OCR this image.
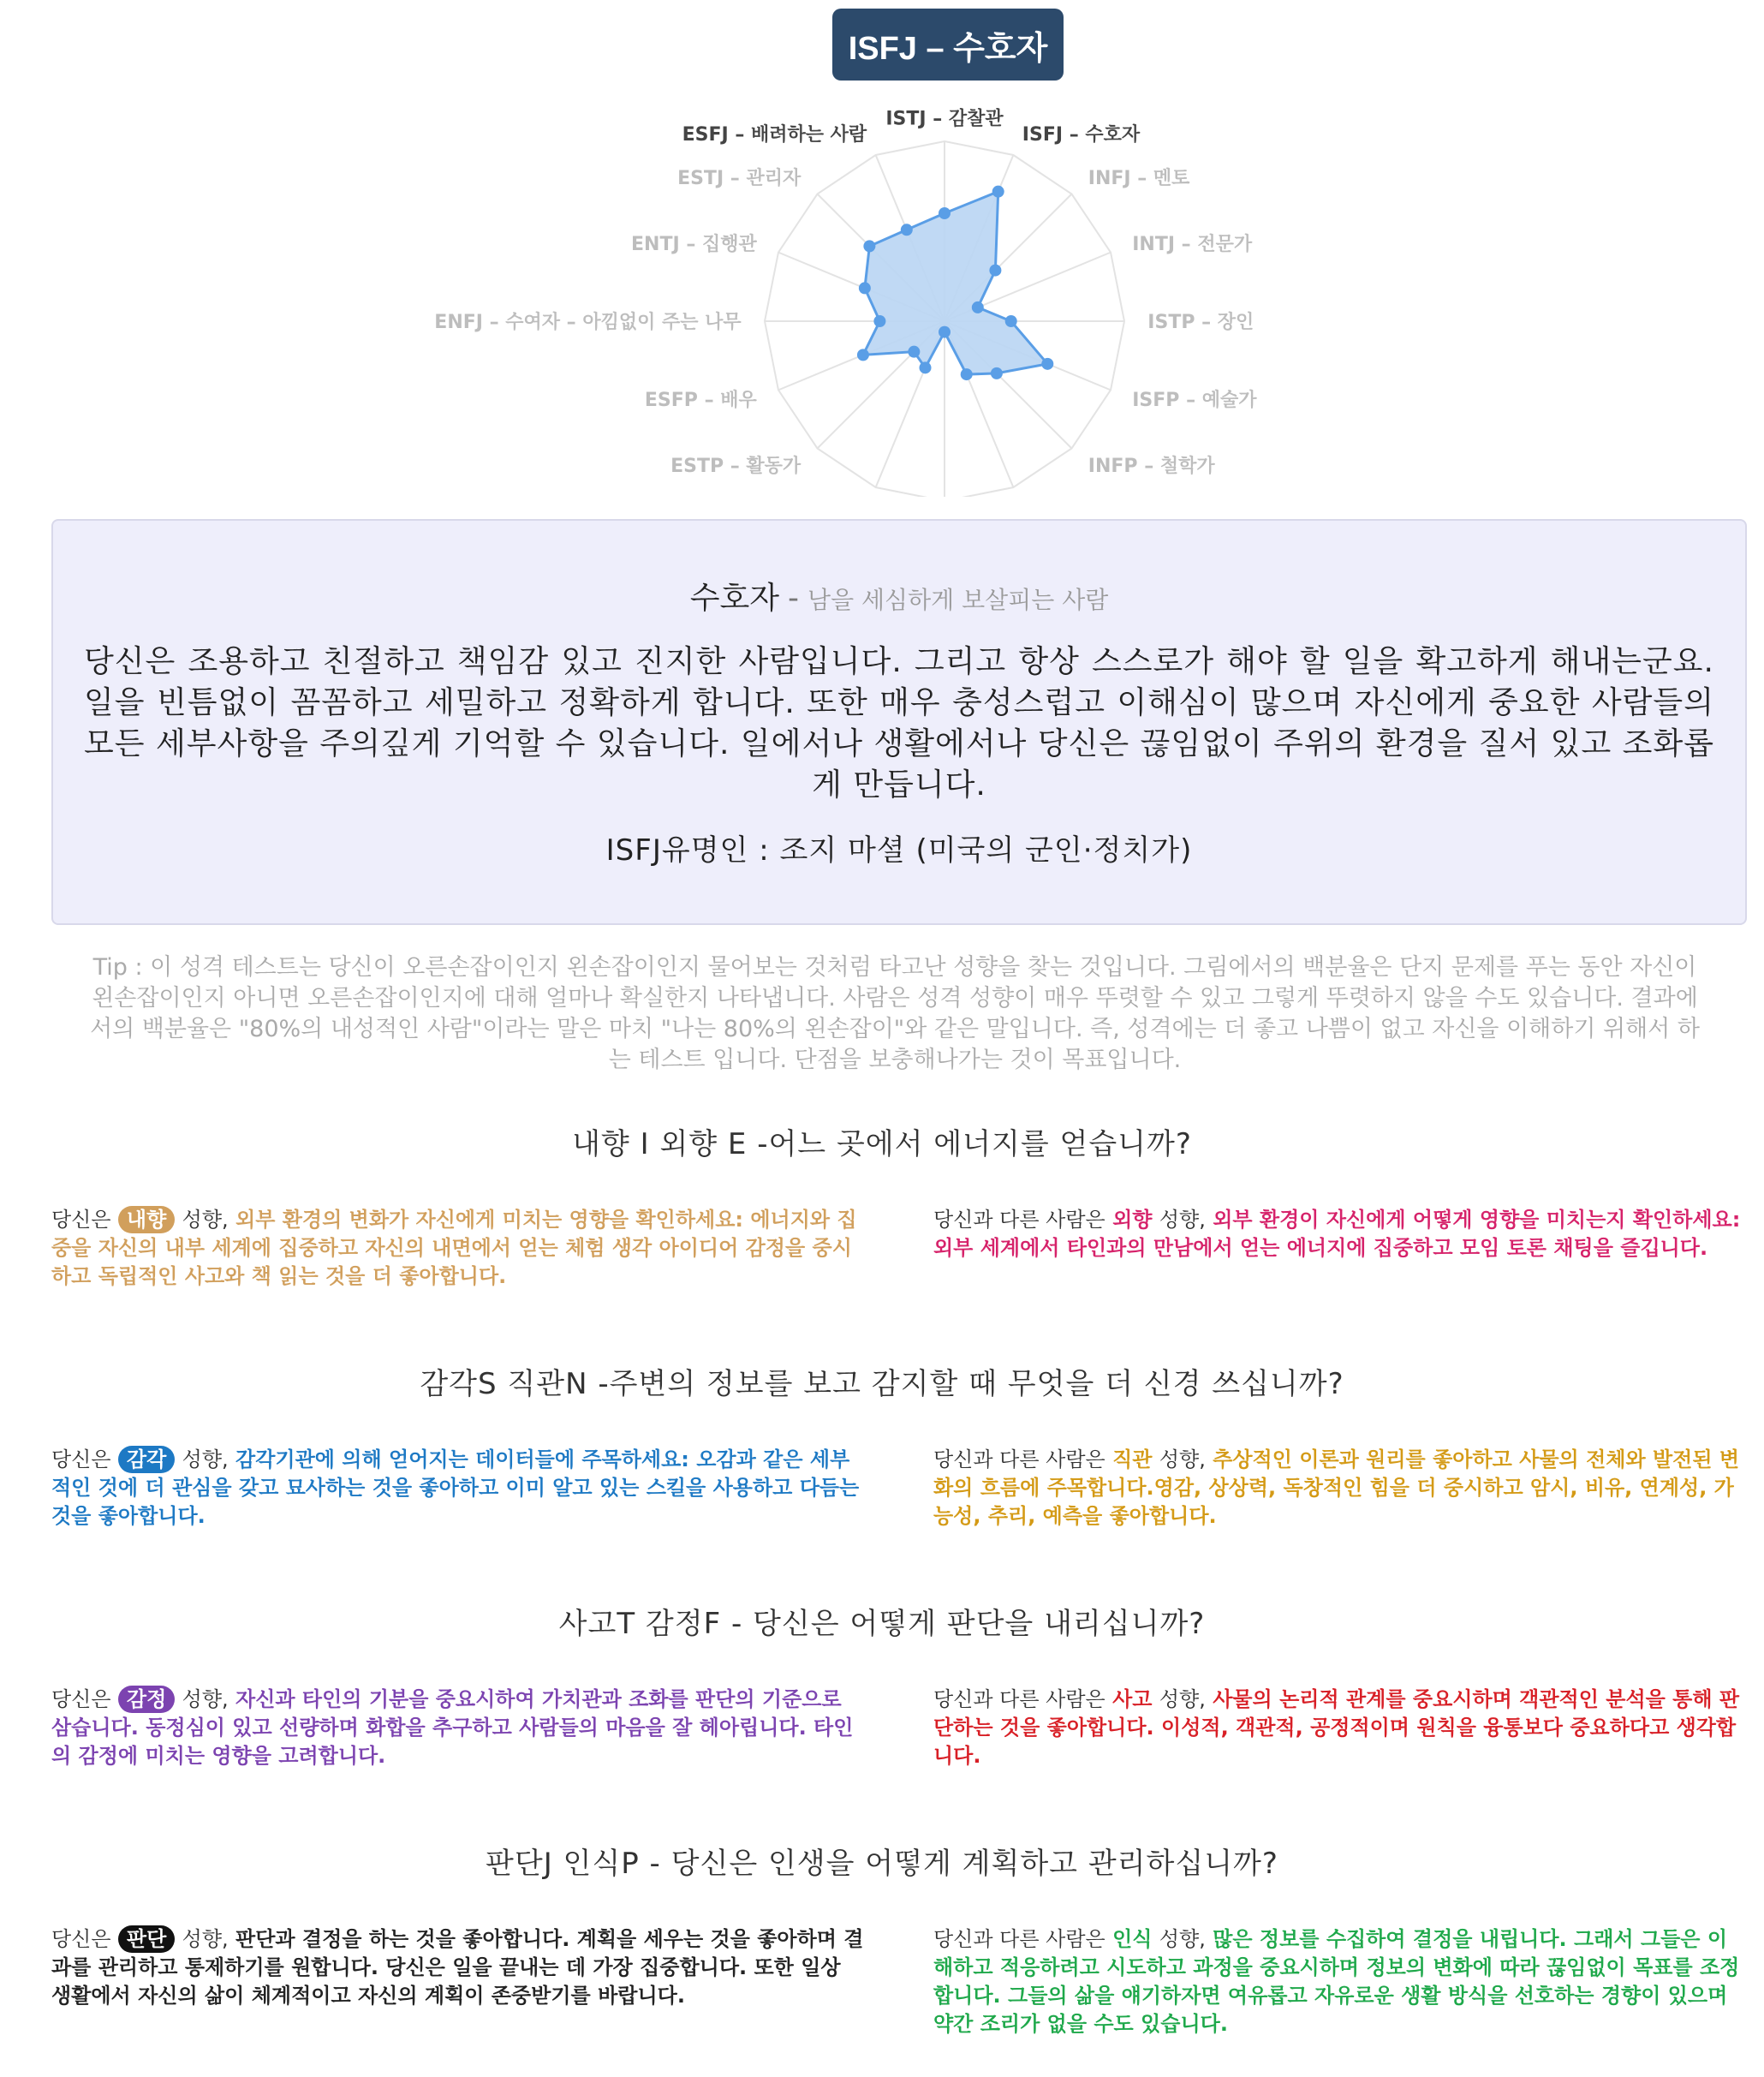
ISFJ – 수호자
ISTJ – 감찰관
ISFJ – 수호자
INFJ – 멘토
INTJ – 전문가
ISTP – 장인
ISFP – 예술가
INFP – 철학가
ESTP – 활동가
ESFP – 배우
ENFJ – 수여자 – 아낌없이 주는 나무
ENTJ – 집행관
ESTJ – 관리자
ESFJ – 배려하는 사람
수호자 - 남을 세심하게 보살피는 사람
당신은 조용하고 친절하고 책임감 있고 진지한 사람입니다. 그리고 항상 스스로가 해야 할 일을 확고하게 해내는군요. 일을 빈틈없이 꼼꼼하고 세밀하고 정확하게 합니다. 또한 매우 충성스럽고 이해심이 많으며 자신에게 중요한 사람들의 모든 세부사항을 주의깊게 기억할 수 있습니다. 일에서나 생활에서나 당신은 끊임없이 주위의 환경을 질서 있고 조화롭게 만듭니다.
ISFJ유명인 : 조지 마셜 (미국의 군인·정치가)
Tip : 이 성격 테스트는 당신이 오른손잡이인지 왼손잡이인지 물어보는 것처럼 타고난 성향을 찾는 것입니다. 그림에서의 백분율은 단지 문제를 푸는 동안 자신이 왼손잡이인지 아니면 오른손잡이인지에 대해 얼마나 확실한지 나타냅니다. 사람은 성격 성향이 매우 뚜렷할 수 있고 그렇게 뚜렷하지 않을 수도 있습니다. 결과에서의 백분율은 "80%의 내성적인 사람"이라는 말은 마치 "나는 80%의 왼손잡이"와 같은 말입니다. 즉, 성격에는 더 좋고 나쁨이 없고 자신을 이해하기 위해서 하는 테스트 입니다. 단점을 보충해나가는 것이 목표입니다.
내향 I 외향 E -어느 곳에서 에너지를 얻습니까?
당신은 내향 성향, 외부 환경의 변화가 자신에게 미치는 영향을 확인하세요: 에너지와 집중을 자신의 내부 세계에 집중하고 자신의 내면에서 얻는 체험 생각 아이디어 감정을 중시하고 독립적인 사고와 책 읽는 것을 더 좋아합니다.
당신과 다른 사람은 외향 성향, 외부 환경이 자신에게 어떻게 영향을 미치는지 확인하세요: 외부 세계에서 타인과의 만남에서 얻는 에너지에 집중하고 모임 토론 채팅을 즐깁니다.
감각S 직관N -주변의 정보를 보고 감지할 때 무엇을 더 신경 쓰십니까?
당신은 감각 성향, 감각기관에 의해 얻어지는 데이터들에 주목하세요: 오감과 같은 세부적인 것에 더 관심을 갖고 묘사하는 것을 좋아하고 이미 알고 있는 스킬을 사용하고 다듬는 것을 좋아합니다.
당신과 다른 사람은 직관 성향, 추상적인 이론과 원리를 좋아하고 사물의 전체와 발전된 변화의 흐름에 주목합니다.영감, 상상력, 독창적인 힘을 더 중시하고 암시, 비유, 연계성, 가능성, 추리, 예측을 좋아합니다.
사고T 감정F - 당신은 어떻게 판단을 내리십니까?
당신은 감정 성향, 자신과 타인의 기분을 중요시하여 가치관과 조화를 판단의 기준으로 삼습니다. 동정심이 있고 선량하며 화합을 추구하고 사람들의 마음을 잘 헤아립니다. 타인의 감정에 미치는 영향을 고려합니다.
당신과 다른 사람은 사고 성향, 사물의 논리적 관계를 중요시하며 객관적인 분석을 통해 판단하는 것을 좋아합니다. 이성적, 객관적, 공정적이며 원칙을 융통보다 중요하다고 생각합니다.
판단J 인식P - 당신은 인생을 어떻게 계획하고 관리하십니까?
당신은 판단 성향, 판단과 결정을 하는 것을 좋아합니다. 계획을 세우는 것을 좋아하며 결과를 관리하고 통제하기를 원합니다. 당신은 일을 끝내는 데 가장 집중합니다. 또한 일상 생활에서 자신의 삶이 체계적이고 자신의 계획이 존중받기를 바랍니다.
당신과 다른 사람은 인식 성향, 많은 정보를 수집하여 결정을 내립니다. 그래서 그들은 이해하고 적응하려고 시도하고 과정을 중요시하며 정보의 변화에 따라 끊임없이 목표를 조정합니다. 그들의 삶을 얘기하자면 여유롭고 자유로운 생활 방식을 선호하는 경향이 있으며 약간 조리가 없을 수도 있습니다.
